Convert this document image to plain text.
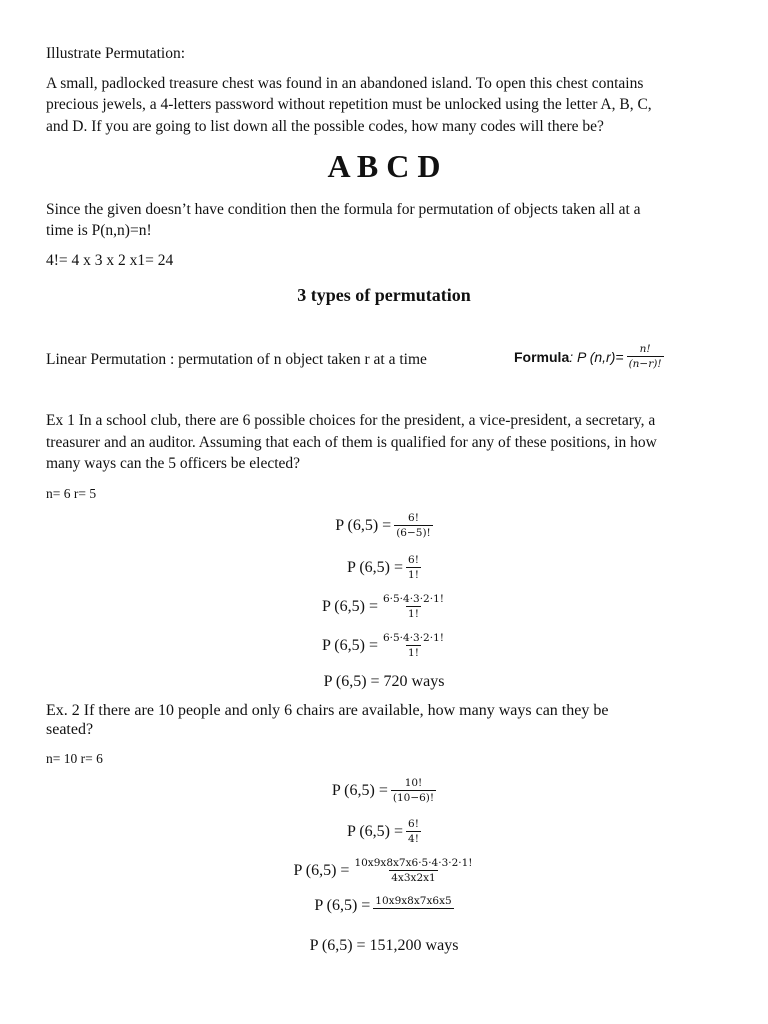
Illustrate Permutation:
A small, padlocked treasure chest was found in an abandoned island. To open this chest contains
precious jewels, a 4-letters password without repetition must be unlocked using the letter A, B, C,
and D. If you are going to list down all the possible codes, how many codes will there be?
A B C D
Since the given doesn’t have condition then the formula for permutation of objects taken all at a
time is P(n,n)=n!
4!= 4 x 3 x 2 x1= 24
3 types of permutation
Linear Permutation : permutation of n object taken r at a time	Formula : P $(n,r)= \frac{n!}{(n-r)!}$
Ex 1 In a school club, there are 6 possible choices for the president, a vice-president, a secretary, a
treasurer and an auditor. Assuming that each of them is qualified for any of these positions, in how
many ways can the 5 officers be elected?
n= 6 r= 5
P $(6,5) = \frac{6!}{(6-5)!}$
P $(6,5) = \frac{6!}{1!}$
P $(6,5) = \frac{6\cdot 5\cdot 4\cdot 3\cdot 2\cdot 1!}{1!}$
P $(6,5) = \frac{6\cdot 5\cdot 4\cdot 3\cdot 2\cdot 1!}{1!}$
P (6,5) = 720 ways
Ex. 2 If there are 10 people and only 6 chairs are available, how many ways can they be
seated?
n= 10 r= 6
P $(6,5) = \frac{10!}{(10-6)!}$
P $(6,5) = \frac{6!}{4!}$
P $(6,5) = \frac{10x9x8x7x6\cdot 5\cdot 4\cdot 3\cdot 2\cdot 1!}{4x3x2x1}$
P (6,5) = 10x9x8x7x6x5
P (6,5) = 151,200 ways
